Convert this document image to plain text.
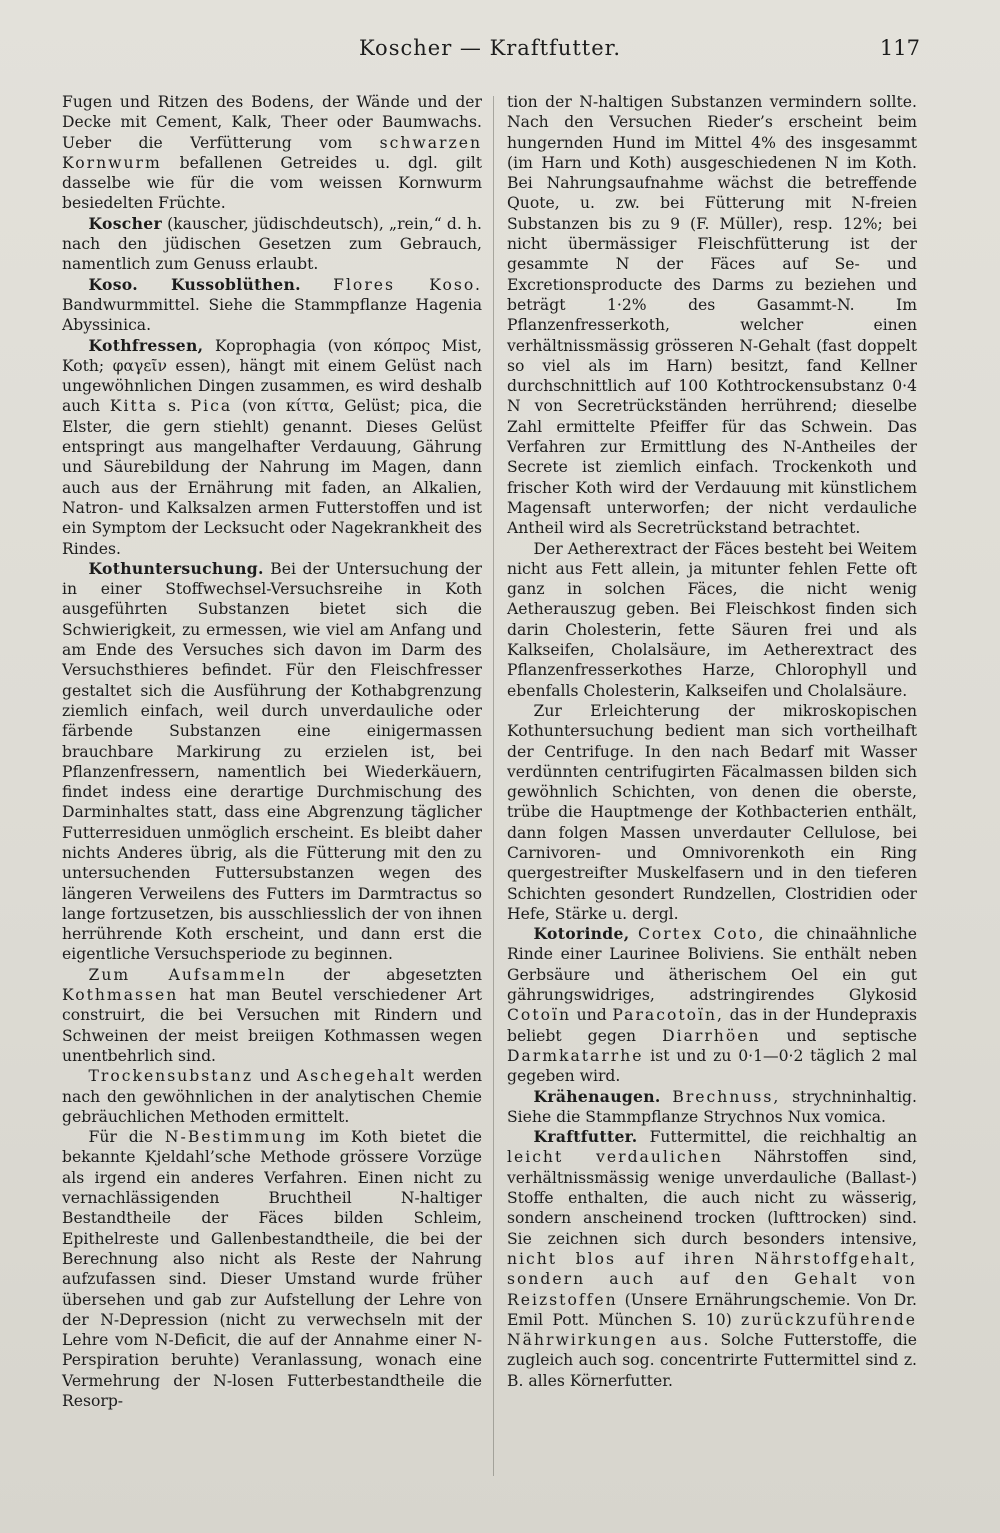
Koscher — Kraftfutter.	117

Fugen und Ritzen des Bodens, der Wände und der Decke mit Cement, Kalk, Theer oder Baumwachs. Ueber die Verfütterung vom schwarzen Kornwurm befallenen Getreides u. dgl. gilt dasselbe wie für die vom weissen Kornwurm besiedelten Früchte.

Koscher (kauscher, jüdischdeutsch), „rein,“ d. h. nach den jüdischen Gesetzen zum Gebrauch, namentlich zum Genuss erlaubt.

Koso. Kussoblüthen. Flores Koso. Bandwurmmittel. Siehe die Stammpflanze Hagenia Abyssinica.

Kothfressen, Koprophagia (von κόπρος Mist, Koth; φαγεῖν essen), hängt mit einem Gelüst nach ungewöhnlichen Dingen zusammen, es wird deshalb auch Kitta s. Pica (von κίττα, Gelüst; pica, die Elster, die gern stiehlt) genannt. Dieses Gelüst entspringt aus mangelhafter Verdauung, Gährung und Säurebildung der Nahrung im Magen, dann auch aus der Ernährung mit faden, an Alkalien, Natron- und Kalksalzen armen Futterstoffen und ist ein Symptom der Lecksucht oder Nagekrankheit des Rindes.

Kothuntersuchung. Bei der Untersuchung der in einer Stoffwechsel-Versuchsreihe in Koth ausgeführten Substanzen bietet sich die Schwierigkeit, zu ermessen, wie viel am Anfang und am Ende des Versuches sich davon im Darm des Versuchsthieres befindet. Für den Fleischfresser gestaltet sich die Ausführung der Kothabgrenzung ziemlich einfach, weil durch unverdauliche oder färbende Substanzen eine einigermassen brauchbare Markirung zu erzielen ist, bei Pflanzenfressern, namentlich bei Wiederkäuern, findet indess eine derartige Durchmischung des Darminhaltes statt, dass eine Abgrenzung täglicher Futterresiduen unmöglich erscheint. Es bleibt daher nichts Anderes übrig, als die Fütterung mit den zu untersuchenden Futtersubstanzen wegen des längeren Verweilens des Futters im Darmtractus so lange fortzusetzen, bis ausschliesslich der von ihnen herrührende Koth erscheint, und dann erst die eigentliche Versuchsperiode zu beginnen.

Zum Aufsammeln der abgesetzten Kothmassen hat man Beutel verschiedener Art construirt, die bei Versuchen mit Rindern und Schweinen der meist breiigen Kothmassen wegen unentbehrlich sind.

Trockensubstanz und Aschegehalt werden nach den gewöhnlichen in der analytischen Chemie gebräuchlichen Methoden ermittelt.

Für die N-Bestimmung im Koth bietet die bekannte Kjeldahl’sche Methode grössere Vorzüge als irgend ein anderes Verfahren. Einen nicht zu vernachlässigenden Bruchtheil N-haltiger Bestandtheile der Fäces bilden Schleim, Epithelreste und Gallenbestandtheile, die bei der Berechnung also nicht als Reste der Nahrung aufzufassen sind. Dieser Umstand wurde früher übersehen und gab zur Aufstellung der Lehre von der N-Depression (nicht zu verwechseln mit der Lehre vom N-Deficit, die auf der Annahme einer N-Perspiration beruhte) Veranlassung, wonach eine Vermehrung der N-losen Futterbestandtheile die Resorp-

tion der N-haltigen Substanzen vermindern sollte. Nach den Versuchen Rieder’s erscheint beim hungernden Hund im Mittel 4% des insgesammt (im Harn und Koth) ausgeschiedenen N im Koth. Bei Nahrungsaufnahme wächst die betreffende Quote, u. zw. bei Fütterung mit N-freien Substanzen bis zu 9 (F. Müller), resp. 12%; bei nicht übermässiger Fleischfütterung ist der gesammte N der Fäces auf Se- und Excretionsproducte des Darms zu beziehen und beträgt 1·2% des Gasammt-N. Im Pflanzenfresserkoth, welcher einen verhältnissmässig grösseren N-Gehalt (fast doppelt so viel als im Harn) besitzt, fand Kellner durchschnittlich auf 100 Kothtrockensubstanz 0·4 N von Secretrückständen herrührend; dieselbe Zahl ermittelte Pfeiffer für das Schwein. Das Verfahren zur Ermittlung des N-Antheiles der Secrete ist ziemlich einfach. Trockenkoth und frischer Koth wird der Verdauung mit künstlichem Magensaft unterworfen; der nicht verdauliche Antheil wird als Secretrückstand betrachtet.

Der Aetherextract der Fäces besteht bei Weitem nicht aus Fett allein, ja mitunter fehlen Fette oft ganz in solchen Fäces, die nicht wenig Aetherauszug geben. Bei Fleischkost finden sich darin Cholesterin, fette Säuren frei und als Kalkseifen, Cholalsäure, im Aetherextract des Pflanzenfresserkothes Harze, Chlorophyll und ebenfalls Cholesterin, Kalkseifen und Cholalsäure.

Zur Erleichterung der mikroskopischen Kothuntersuchung bedient man sich vortheilhaft der Centrifuge. In den nach Bedarf mit Wasser verdünnten centrifugirten Fäcalmassen bilden sich gewöhnlich Schichten, von denen die oberste, trübe die Hauptmenge der Kothbacterien enthält, dann folgen Massen unverdauter Cellulose, bei Carnivoren- und Omnivorenkoth ein Ring quergestreifter Muskelfasern und in den tieferen Schichten gesondert Rundzellen, Clostridien oder Hefe, Stärke u. dergl.

Kotorinde, Cortex Coto, die chinaähnliche Rinde einer Laurinee Boliviens. Sie enthält neben Gerbsäure und ätherischem Oel ein gut gährungswidriges, adstringirendes Glykosid Cotoïn und Paracotoïn, das in der Hundepraxis beliebt gegen Diarrhöen und septische Darmkatarrhe ist und zu 0·1—0·2 täglich 2 mal gegeben wird.

Krähenaugen. Brechnuss, strychninhaltig. Siehe die Stammpflanze Strychnos Nux vomica.

Kraftfutter. Futtermittel, die reichhaltig an leicht verdaulichen Nährstoffen sind, verhältnissmässig wenige unverdauliche (Ballast-) Stoffe enthalten, die auch nicht zu wässerig, sondern anscheinend trocken (lufttrocken) sind. Sie zeichnen sich durch besonders intensive, nicht blos auf ihren Nährstoffgehalt, sondern auch auf den Gehalt von Reizstoffen (Unsere Ernährungschemie. Von Dr. Emil Pott. München S. 10) zurückzuführende Nährwirkungen aus. Solche Futterstoffe, die zugleich auch sog. concentrirte Futtermittel sind z. B. alles Körnerfutter.
